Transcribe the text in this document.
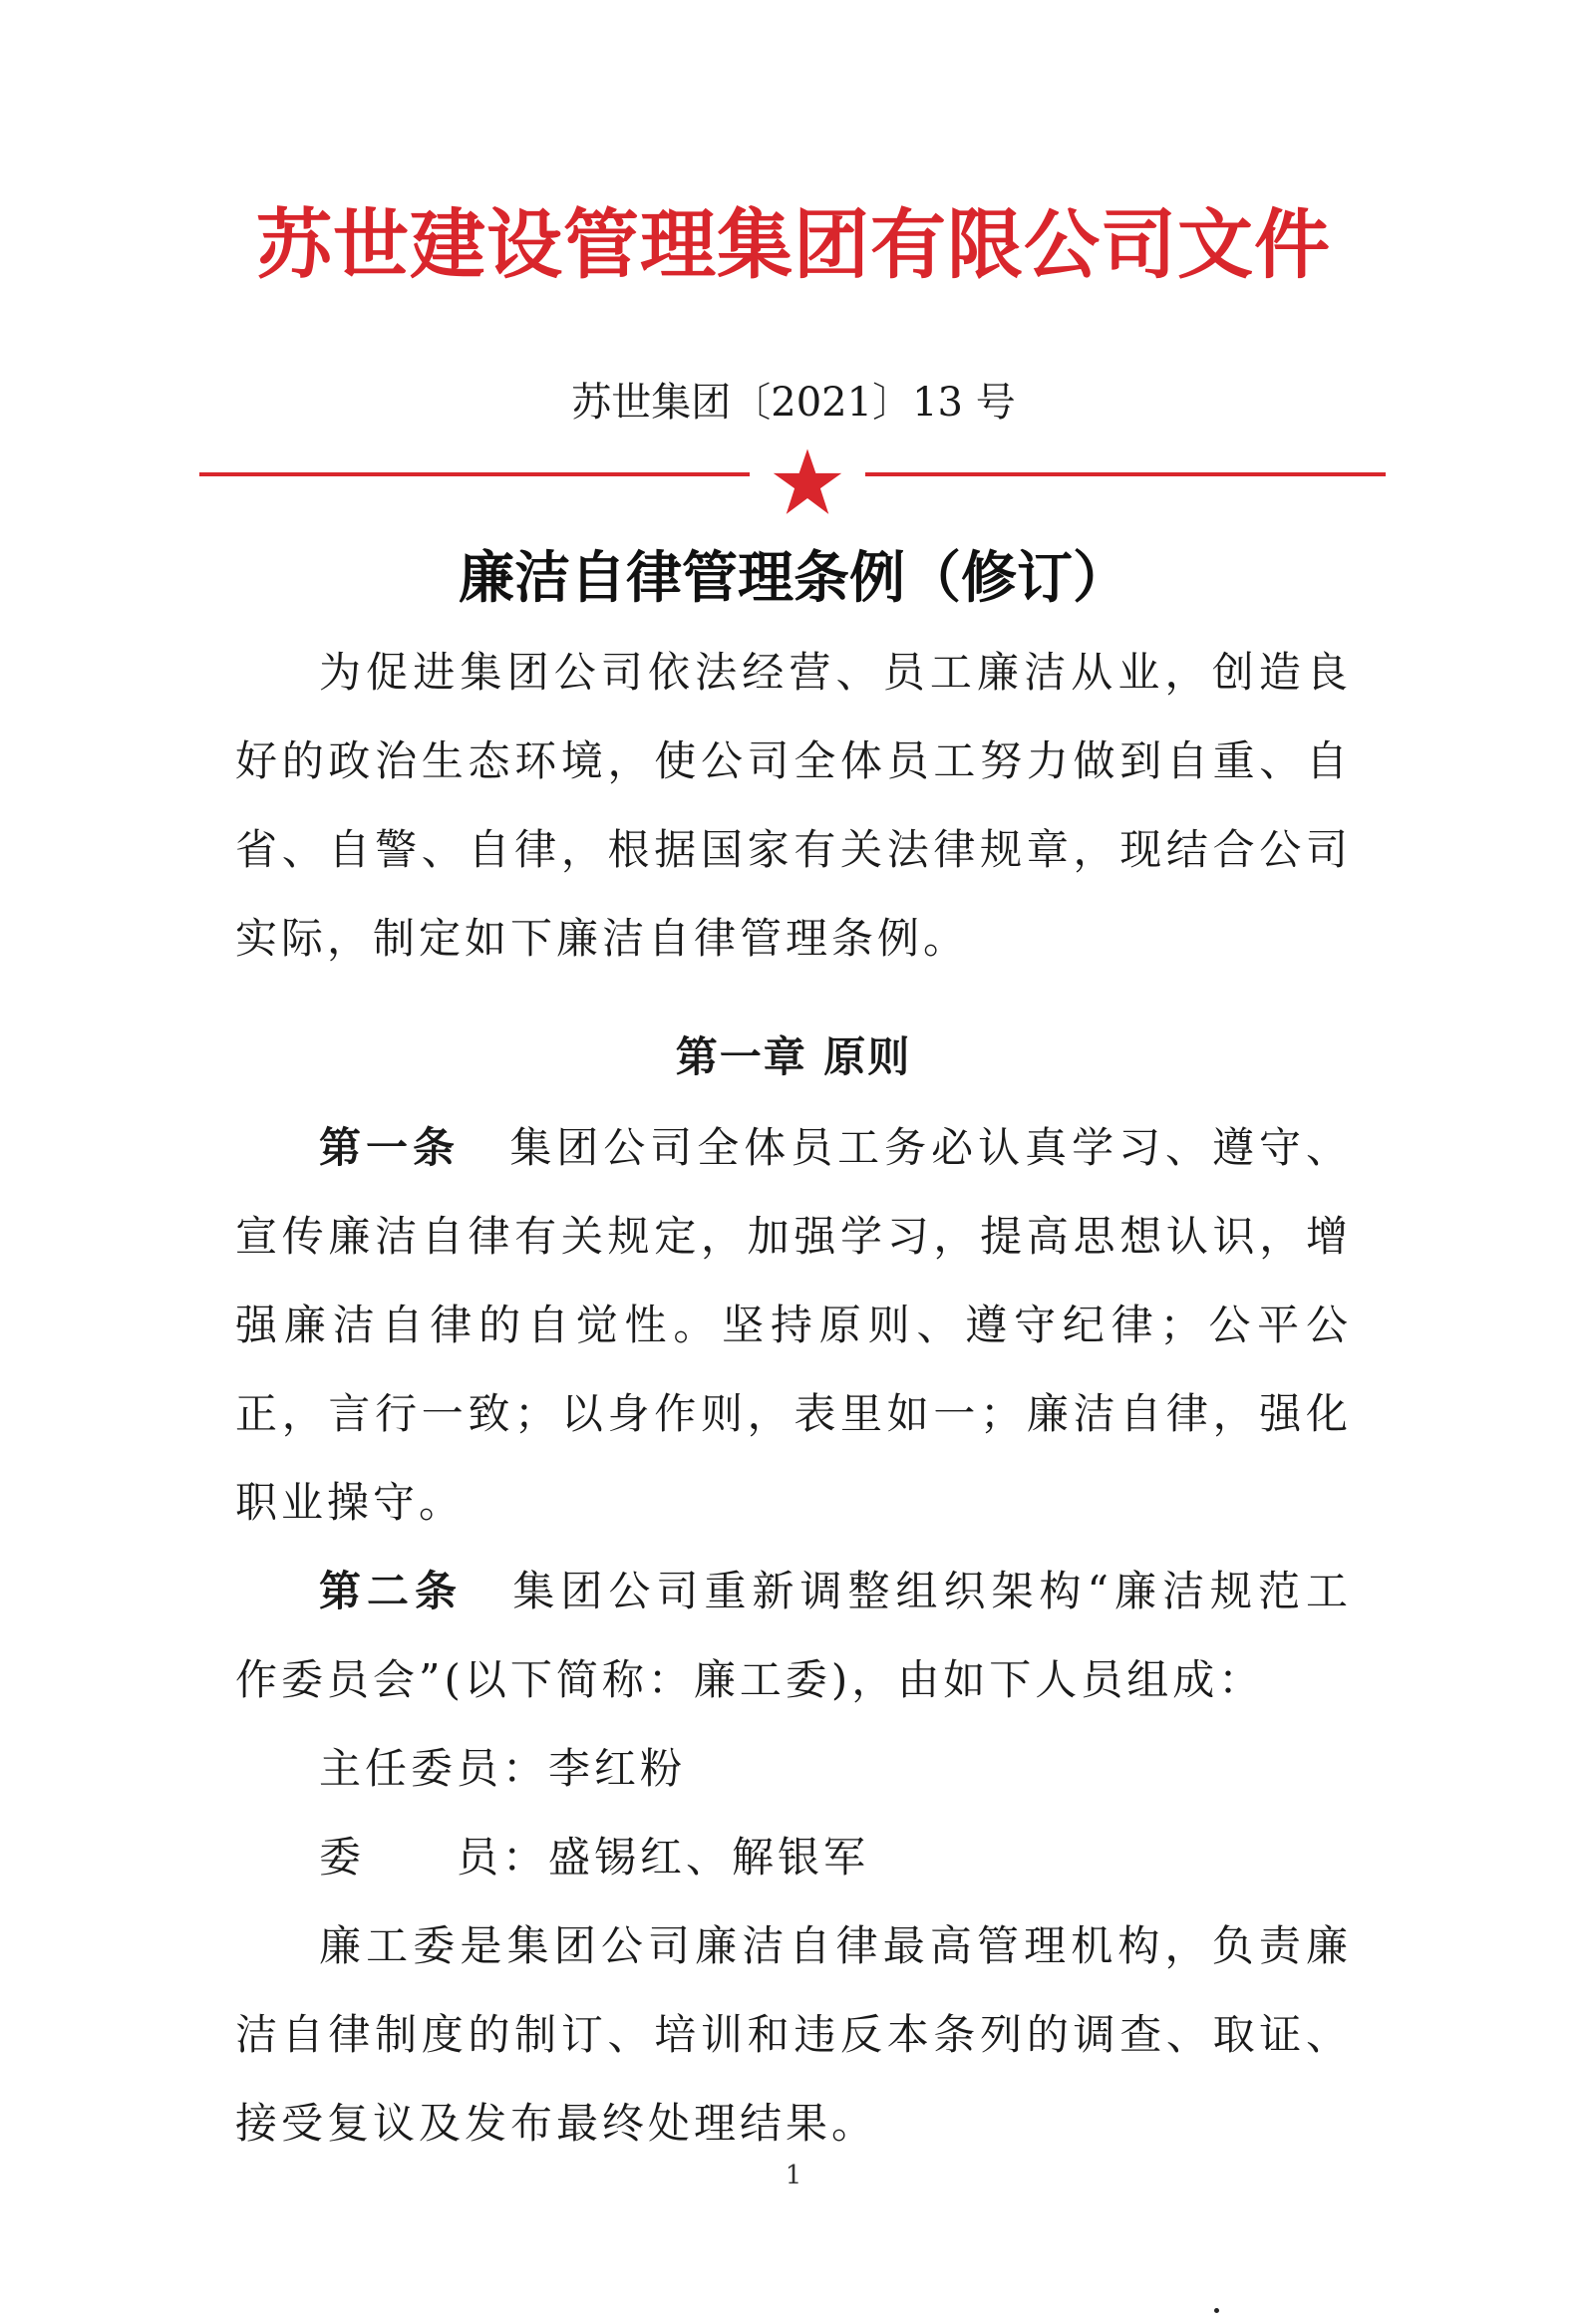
苏世建设管理集团有限公司文件
苏世集团〔2021〕13 号
廉洁自律管理条例（修订）

为促进集团公司依法经营、员工廉洁从业，创造良好的政治生态环境，使公司全体员工努力做到自重、自省、自警、自律，根据国家有关法律规章，现结合公司实际，制定如下廉洁自律管理条例。

第一章 原则

第一条 集团公司全体员工务必认真学习、遵守、宣传廉洁自律有关规定，加强学习，提高思想认识，增强廉洁自律的自觉性。坚持原则、遵守纪律；公平公正，言行一致；以身作则，表里如一；廉洁自律，强化职业操守。

第二条 集团公司重新调整组织架构“廉洁规范工作委员会”(以下简称：廉工委)，由如下人员组成：

主任委员：李红粉

委　　员：盛锡红、解银军

廉工委是集团公司廉洁自律最高管理机构，负责廉洁自律制度的制订、培训和违反本条列的调查、取证、接受复议及发布最终处理结果。

1
